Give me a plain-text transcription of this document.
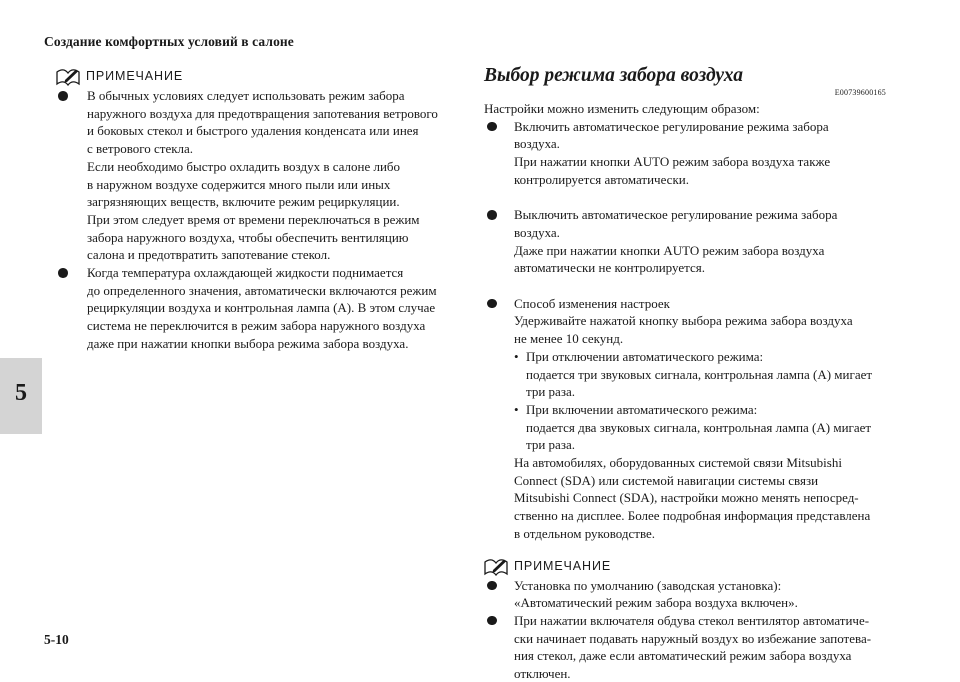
Создание комфортных условий в салоне
5
ПРИМЕЧАНИЕ
В обычных условиях следует использовать режим забора
наружного воздуха для предотвращения запотевания ветрового
и боковых стекол и быстрого удаления конденсата или инея
с ветрового стекла.
Если необходимо быстро охладить воздух в салоне либо
в наружном воздухе содержится много пыли или иных
загрязняющих веществ, включите режим рециркуляции.
При этом следует время от времени переключаться в режим
забора наружного воздуха, чтобы обеспечить вентиляцию
салона и предотвратить запотевание стекол.
Когда температура охлаждающей жидкости поднимается
до определенного значения, автоматически включаются режим
рециркуляции воздуха и контрольная лампа (A). В этом случае
система не переключится в режим забора наружного воздуха
даже при нажатии кнопки выбора режима забора воздуха.
Выбор режима забора воздуха
E00739600165
Настройки можно изменить следующим образом:
Включить автоматическое регулирование режима забора
воздуха.
При нажатии кнопки AUTO режим забора воздуха также
контролируется автоматически.
Выключить автоматическое регулирование режима забора
воздуха.
Даже при нажатии кнопки AUTO режим забора воздуха
автоматически не контролируется.
Способ изменения настроек
Удерживайте нажатой кнопку выбора режима забора воздуха
не менее 10 секунд.
• При отключении автоматического режима:
подается три звуковых сигнала, контрольная лампа (A) мигает
три раза.
• При включении автоматического режима:
подается два звуковых сигнала, контрольная лампа (A) мигает
три раза.
На автомобилях, оборудованных системой связи Mitsubishi
Connect (SDA) или системой навигации системы связи
Mitsubishi Connect (SDA), настройки можно менять непосред-
ственно на дисплее. Более подробная информация представлена
в отдельном руководстве.
ПРИМЕЧАНИЕ
Установка по умолчанию (заводская установка):
«Автоматический режим забора воздуха включен».
При нажатии включателя обдува стекол вентилятор автоматиче-
ски начинает подавать наружный воздух во избежание запотева-
ния стекол, даже если автоматический режим забора воздуха
отключен.
5-10
